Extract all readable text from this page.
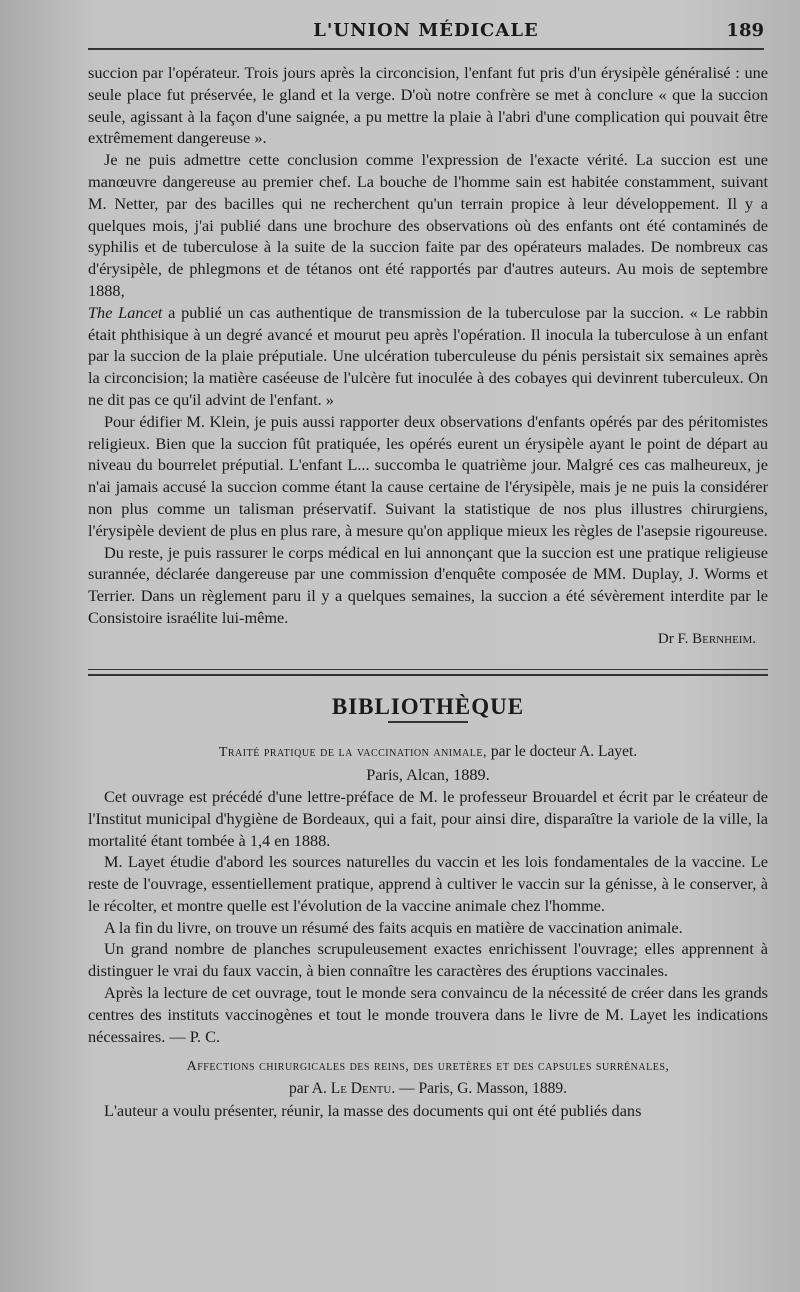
L'UNION MÉDICALE	189

succion par l'opérateur. Trois jours après la circoncision, l'enfant fut pris d'un érysipèle généralisé : une seule place fut préservée, le gland et la verge. D'où notre confrère se met à conclure « que la succion seule, agissant à la façon d'une saignée, a pu mettre la plaie à l'abri d'une complication qui pouvait être extrêmement dangereuse ».

Je ne puis admettre cette conclusion comme l'expression de l'exacte vérité. La succion est une manœuvre dangereuse au premier chef. La bouche de l'homme sain est habitée constamment, suivant M. Netter, par des bacilles qui ne recherchent qu'un terrain propice à leur développement. Il y a quelques mois, j'ai publié dans une brochure des observations où des enfants ont été contaminés de syphilis et de tuberculose à la suite de la succion faite par des opérateurs malades. De nombreux cas d'érysipèle, de phlegmons et de tétanos ont été rapportés par d'autres auteurs. Au mois de septembre 1888,

The Lancet a publié un cas authentique de transmission de la tuberculose par la succion. « Le rabbin était phthisique à un degré avancé et mourut peu après l'opération. Il inocula la tuberculose à un enfant par la succion de la plaie préputiale. Une ulcération tuberculeuse du pénis persistait six semaines après la circoncision; la matière caséeuse de l'ulcère fut inoculée à des cobayes qui devinrent tuberculeux. On ne dit pas ce qu'il advint de l'enfant. »

Pour édifier M. Klein, je puis aussi rapporter deux observations d'enfants opérés par des péritomistes religieux. Bien que la succion fût pratiquée, les opérés eurent un érysipèle ayant le point de départ au niveau du bourrelet préputial. L'enfant L... succomba le quatrième jour. Malgré ces cas malheureux, je n'ai jamais accusé la succion comme étant la cause certaine de l'érysipèle, mais je ne puis la considérer non plus comme un talisman préservatif. Suivant la statistique de nos plus illustres chirurgiens, l'érysipèle devient de plus en plus rare, à mesure qu'on applique mieux les règles de l'asepsie rigoureuse.

Du reste, je puis rassurer le corps médical en lui annonçant que la succion est une pratique religieuse surannée, déclarée dangereuse par une commission d'enquête composée de MM. Duplay, J. Worms et Terrier. Dans un règlement paru il y a quelques semaines, la succion a été sévèrement interdite par le Consistoire israélite lui-même.

Dr F. Bernheim.
BIBLIOTHÈQUE

Traité pratique de la vaccination animale, par le docteur A. Layet.

Paris, Alcan, 1889.

Cet ouvrage est précédé d'une lettre-préface de M. le professeur Brouardel et écrit par le créateur de l'Institut municipal d'hygiène de Bordeaux, qui a fait, pour ainsi dire, disparaître la variole de la ville, la mortalité étant tombée à 1,4 en 1888.

M. Layet étudie d'abord les sources naturelles du vaccin et les lois fondamentales de la vaccine. Le reste de l'ouvrage, essentiellement pratique, apprend à cultiver le vaccin sur la génisse, à le conserver, à le récolter, et montre quelle est l'évolution de la vaccine animale chez l'homme.

A la fin du livre, on trouve un résumé des faits acquis en matière de vaccination animale.

Un grand nombre de planches scrupuleusement exactes enrichissent l'ouvrage; elles apprennent à distinguer le vrai du faux vaccin, à bien connaître les caractères des éruptions vaccinales.

Après la lecture de cet ouvrage, tout le monde sera convaincu de la nécessité de créer dans les grands centres des instituts vaccinogènes et tout le monde trouvera dans le livre de M. Layet les indications nécessaires. — P. C.

Affections chirurgicales des reins, des uretères et des capsules surrénales,
par A. Le Dentu. — Paris, G. Masson, 1889.

L'auteur a voulu présenter, réunir, la masse des documents qui ont été publiés dans
